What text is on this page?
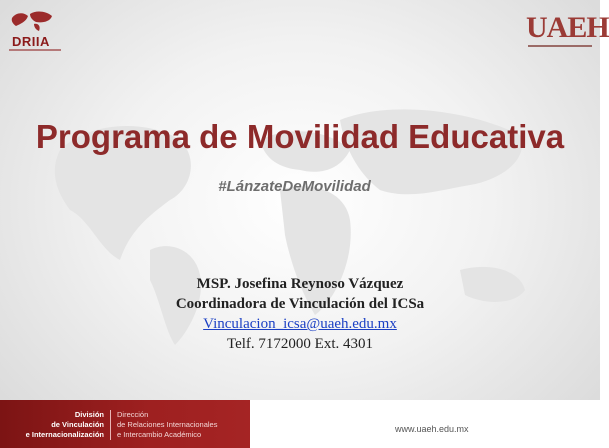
DRIIA	UAEH
Programa de Movilidad Educativa
#LánzateDeMovilidad
MSP. Josefina Reynoso Vázquez
Coordinadora de Vinculación del ICSa
Vinculacion_icsa@uaeh.edu.mx
Telf. 7172000 Ext. 4301
División
de Vinculación
e Internacionalización
Dirección
de Relaciones Internacionales
e Intercambio Académico
www.uaeh.edu.mx
